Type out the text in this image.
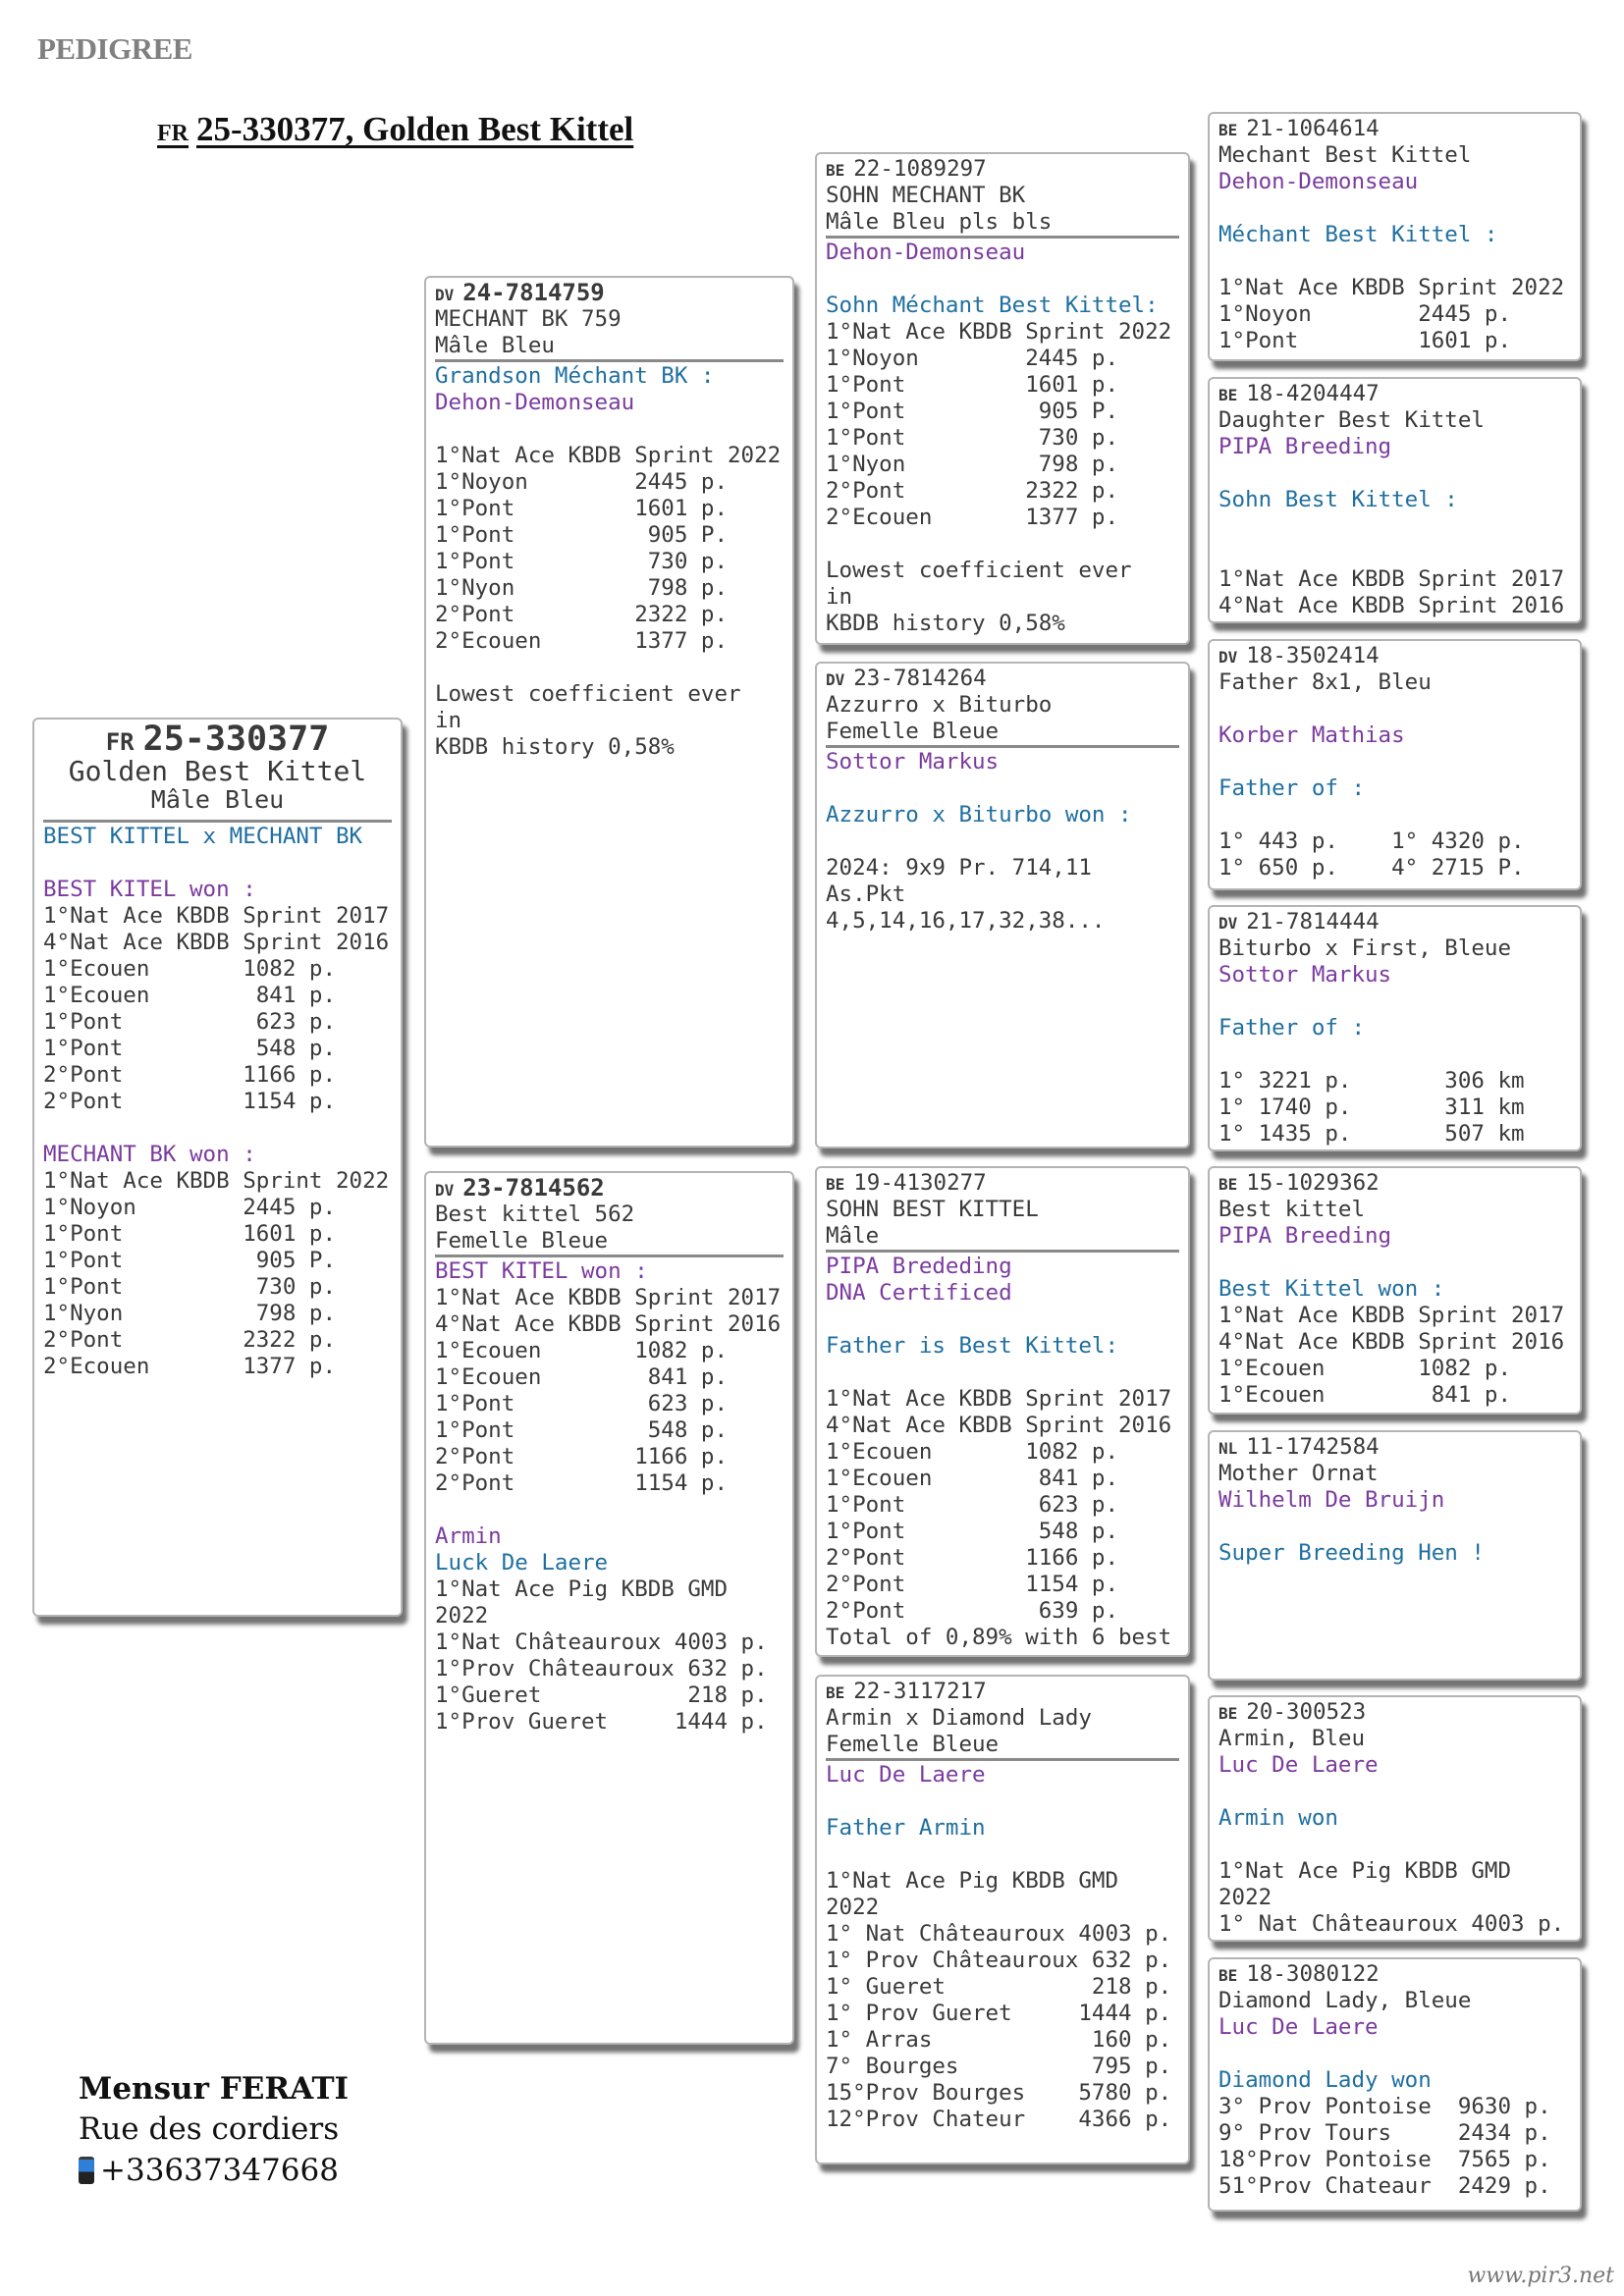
PEDIGREE
FR 25-330377, Golden Best Kittel
FR 25-330377
Golden Best Kittel
Mâle Bleu
BEST KITTEL x MECHANT BK
BEST KITEL won :
1°Nat Ace KBDB Sprint 2017
4°Nat Ace KBDB Sprint 2016
1°Ecouen       1082 p.
1°Ecouen        841 p.
1°Pont          623 p.
1°Pont          548 p.
2°Pont         1166 p.
2°Pont         1154 p.
MECHANT BK won :
1°Nat Ace KBDB Sprint 2022
1°Noyon        2445 p.
1°Pont         1601 p.
1°Pont          905 P.
1°Pont          730 p.
1°Nyon          798 p.
2°Pont         2322 p.
2°Ecouen       1377 p.
DV 24-7814759
MECHANT BK 759
Mâle Bleu
Grandson Méchant BK :
Dehon-Demonseau
1°Nat Ace KBDB Sprint 2022
1°Noyon        2445 p.
1°Pont         1601 p.
1°Pont          905 P.
1°Pont          730 p.
1°Nyon          798 p.
2°Pont         2322 p.
2°Ecouen       1377 p.
Lowest coefficient ever
in
KBDB history 0,58%
DV 23-7814562
Best kittel 562
Femelle Bleue
BEST KITEL won :
1°Nat Ace KBDB Sprint 2017
4°Nat Ace KBDB Sprint 2016
1°Ecouen       1082 p.
1°Ecouen        841 p.
1°Pont          623 p.
1°Pont          548 p.
2°Pont         1166 p.
2°Pont         1154 p.
Armin
Luck De Laere
1°Nat Ace Pig KBDB GMD
2022
1°Nat Châteauroux 4003 p.
1°Prov Châteauroux 632 p.
1°Gueret           218 p.
1°Prov Gueret     1444 p.
BE 22-1089297
SOHN MECHANT BK
Mâle Bleu pls bls
Dehon-Demonseau
Sohn Méchant Best Kittel:
1°Nat Ace KBDB Sprint 2022
1°Noyon        2445 p.
1°Pont         1601 p.
1°Pont          905 P.
1°Pont          730 p.
1°Nyon          798 p.
2°Pont         2322 p.
2°Ecouen       1377 p.
Lowest coefficient ever
in
KBDB history 0,58%
DV 23-7814264
Azzurro x Biturbo
Femelle Bleue
Sottor Markus
Azzurro x Biturbo won :
2024: 9x9 Pr. 714,11
As.Pkt
4,5,14,16,17,32,38...
BE 19-4130277
SOHN BEST KITTEL
Mâle
PIPA Brededing
DNA Certificed
Father is Best Kittel:
1°Nat Ace KBDB Sprint 2017
4°Nat Ace KBDB Sprint 2016
1°Ecouen       1082 p.
1°Ecouen        841 p.
1°Pont          623 p.
1°Pont          548 p.
2°Pont         1166 p.
2°Pont         1154 p.
2°Pont          639 p.
Total of 0,89% with 6 best
BE 22-3117217
Armin x Diamond Lady
Femelle Bleue
Luc De Laere
Father Armin
1°Nat Ace Pig KBDB GMD
2022
1° Nat Châteauroux 4003 p.
1° Prov Châteauroux 632 p.
1° Gueret           218 p.
1° Prov Gueret     1444 p.
1° Arras            160 p.
7° Bourges          795 p.
15°Prov Bourges    5780 p.
12°Prov Chateur    4366 p.
BE 21-1064614
Mechant Best Kittel
Dehon-Demonseau
Méchant Best Kittel :
1°Nat Ace KBDB Sprint 2022
1°Noyon        2445 p.
1°Pont         1601 p.
BE 18-4204447
Daughter Best Kittel
PIPA Breeding
Sohn Best Kittel :
1°Nat Ace KBDB Sprint 2017
4°Nat Ace KBDB Sprint 2016
DV 18-3502414
Father 8x1, Bleu
Korber Mathias
Father of :
1° 443 p.    1° 4320 p.
1° 650 p.    4° 2715 P.
DV 21-7814444
Biturbo x First, Bleue
Sottor Markus
Father of :
1° 3221 p.       306 km
1° 1740 p.       311 km
1° 1435 p.       507 km
BE 15-1029362
Best kittel
PIPA Breeding
Best Kittel won :
1°Nat Ace KBDB Sprint 2017
4°Nat Ace KBDB Sprint 2016
1°Ecouen       1082 p.
1°Ecouen        841 p.
NL 11-1742584
Mother Ornat
Wilhelm De Bruijn
Super Breeding Hen !
BE 20-300523
Armin, Bleu
Luc De Laere
Armin won
1°Nat Ace Pig KBDB GMD
2022
1° Nat Châteauroux 4003 p.
BE 18-3080122
Diamond Lady, Bleue
Luc De Laere
Diamond Lady won
3° Prov Pontoise  9630 p.
9° Prov Tours     2434 p.
18°Prov Pontoise  7565 p.
51°Prov Chateaur  2429 p.
Mensur FERATI
Rue des cordiers
+33637347668
www.pir3.net
